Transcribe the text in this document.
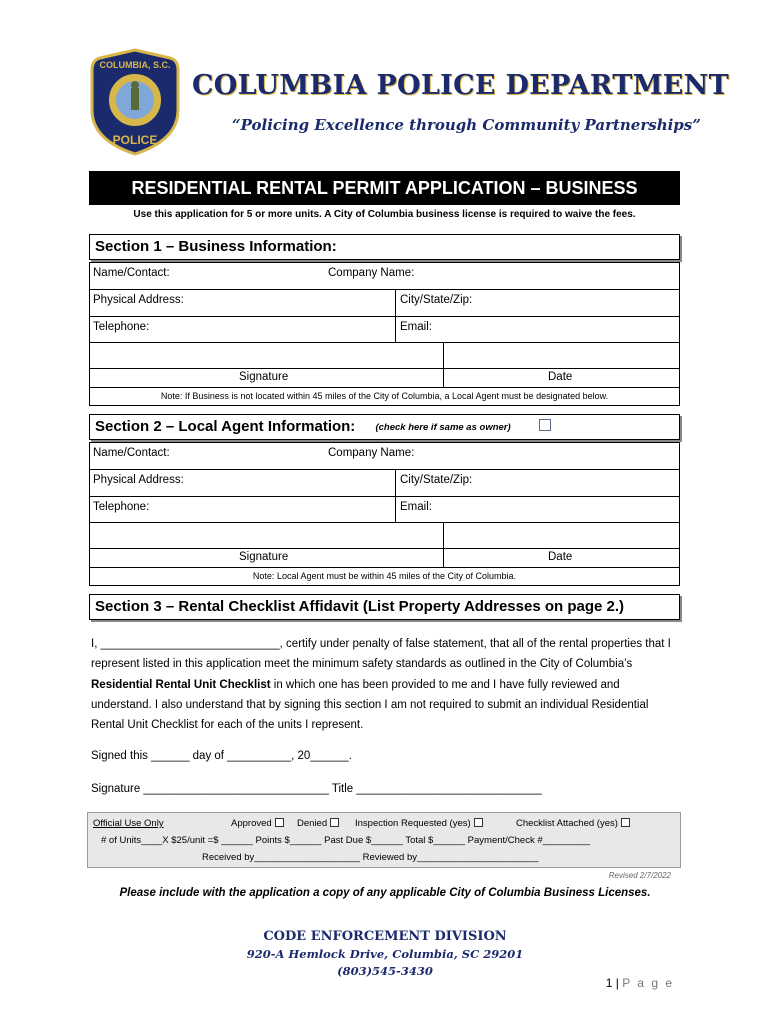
COLUMBIA, S.C.
POLICE
COLUMBIA POLICE DEPARTMENT
“Policing Excellence through Community Partnerships”
RESIDENTIAL RENTAL PERMIT APPLICATION – BUSINESS
Use this application for 5 or more units. A City of Columbia business license is required to waive the fees.
Name/Contact:	Company Name:
Physical Address:	City/State/Zip:
Telephone:	Email:
Signature	Date
Note: If Business is not located within 45 miles of the City of Columbia, a Local Agent must be designated below.
Section 1 – Business Information:
Name/Contact:	Company Name:
Physical Address:	City/State/Zip:
Telephone:	Email:
Signature	Date
Note: Local Agent must be within 45 miles of the City of Columbia.
Section 2 – Local Agent Information: (check here if same as owner)
Section 3 – Rental Checklist Affidavit (List Property Addresses on page 2.)
I, ____________________________, certify under penalty of false statement, that all of the rental properties that I represent listed in this application meet the minimum safety standards as outlined in the City of Columbia’s Residential Rental Unit Checklist in which one has been provided to me and I have fully reviewed and understand. I also understand that by signing this section I am not required to submit an individual Residential Rental Unit Checklist for each of the units I represent.
Signed this ______ day of __________, 20______.
Signature _____________________________ Title _____________________________
Official Use Only	Approved	Denied	Inspection Requested (yes)	Checklist Attached (yes)
# of Units____X $25/unit =$ ______ Points $______ Past Due $______ Total $______ Payment/Check #_________
Received by____________________ Reviewed by_______________________
Revised 2/7/2022
Please include with the application a copy of any applicable City of Columbia Business Licenses.
CODE ENFORCEMENT DIVISION
920-A Hemlock Drive, Columbia, SC 29201
(803)545-3430
1 | P a g e
